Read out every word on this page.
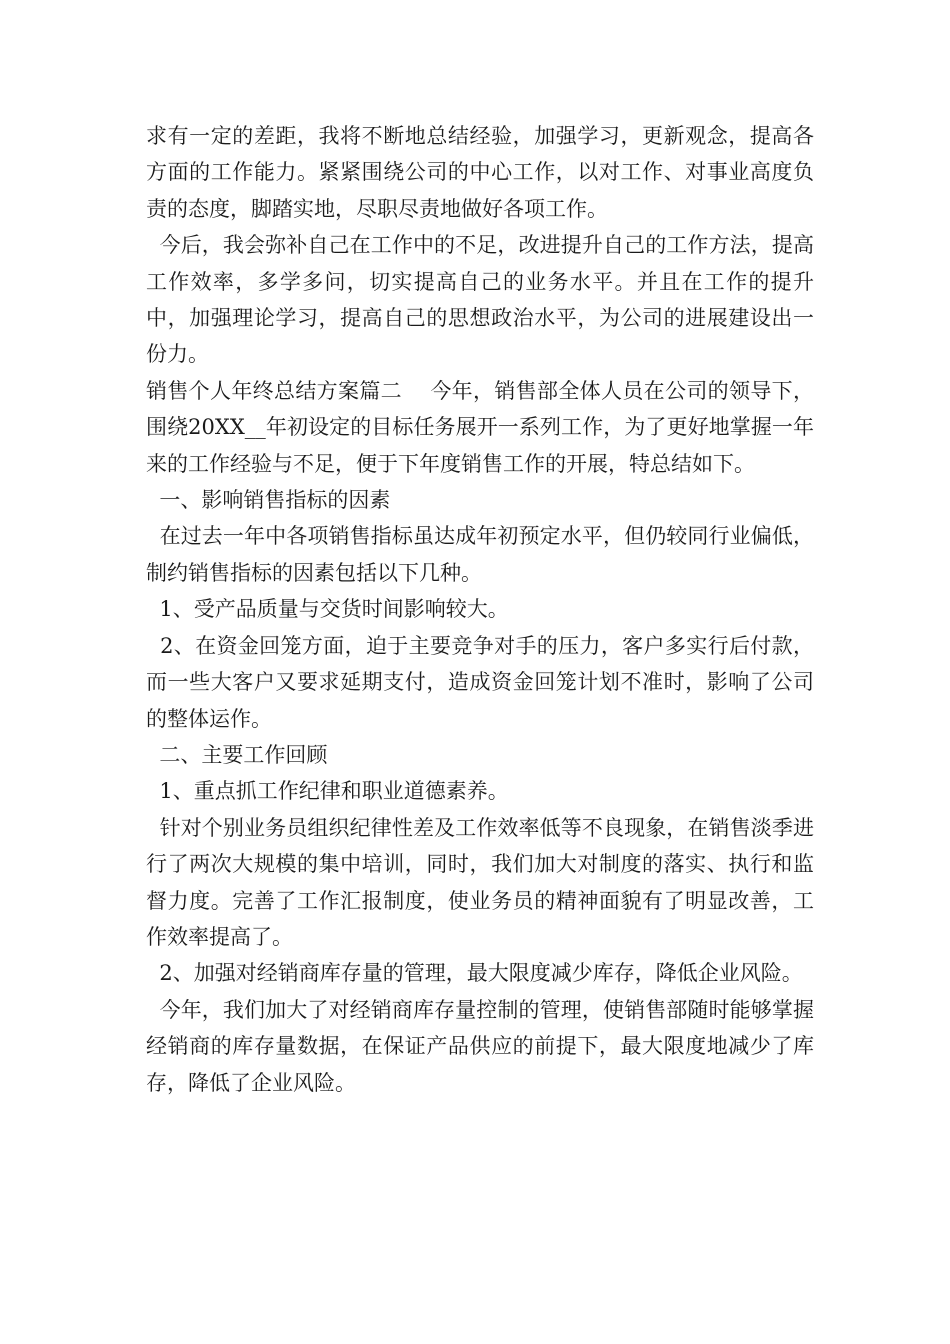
求有一定的差距，我将不断地总结经验，加强学习，更新观念，提高各方面的工作能力。紧紧围绕公司的中心工作，以对工作、对事业高度负责的态度，脚踏实地，尽职尽责地做好各项工作。

今后，我会弥补自己在工作中的不足，改进提升自己的工作方法，提高工作效率，多学多问，切实提高自己的业务水平。并且在工作的提升中，加强理论学习，提高自己的思想政治水平，为公司的进展建设出一份力。

销售个人年终总结方案篇二　 今年，销售部全体人员在公司的领导下，围绕20XX__年初设定的目标任务展开一系列工作，为了更好地掌握一年来的工作经验与不足，便于下年度销售工作的开展，特总结如下。

一、影响销售指标的因素

在过去一年中各项销售指标虽达成年初预定水平，但仍较同行业偏低，制约销售指标的因素包括以下几种。

1、受产品质量与交货时间影响较大。

2、在资金回笼方面，迫于主要竞争对手的压力，客户多实行后付款，而一些大客户又要求延期支付，造成资金回笼计划不准时，影响了公司的整体运作。

二、主要工作回顾

1、重点抓工作纪律和职业道德素养。

针对个别业务员组织纪律性差及工作效率低等不良现象，在销售淡季进行了两次大规模的集中培训，同时，我们加大对制度的落实、执行和监督力度。完善了工作汇报制度，使业务员的精神面貌有了明显改善，工作效率提高了。

2、加强对经销商库存量的管理，最大限度减少库存，降低企业风险。

今年，我们加大了对经销商库存量控制的管理，使销售部随时能够掌握经销商的库存量数据，在保证产品供应的前提下，最大限度地减少了库存，降低了企业风险。
